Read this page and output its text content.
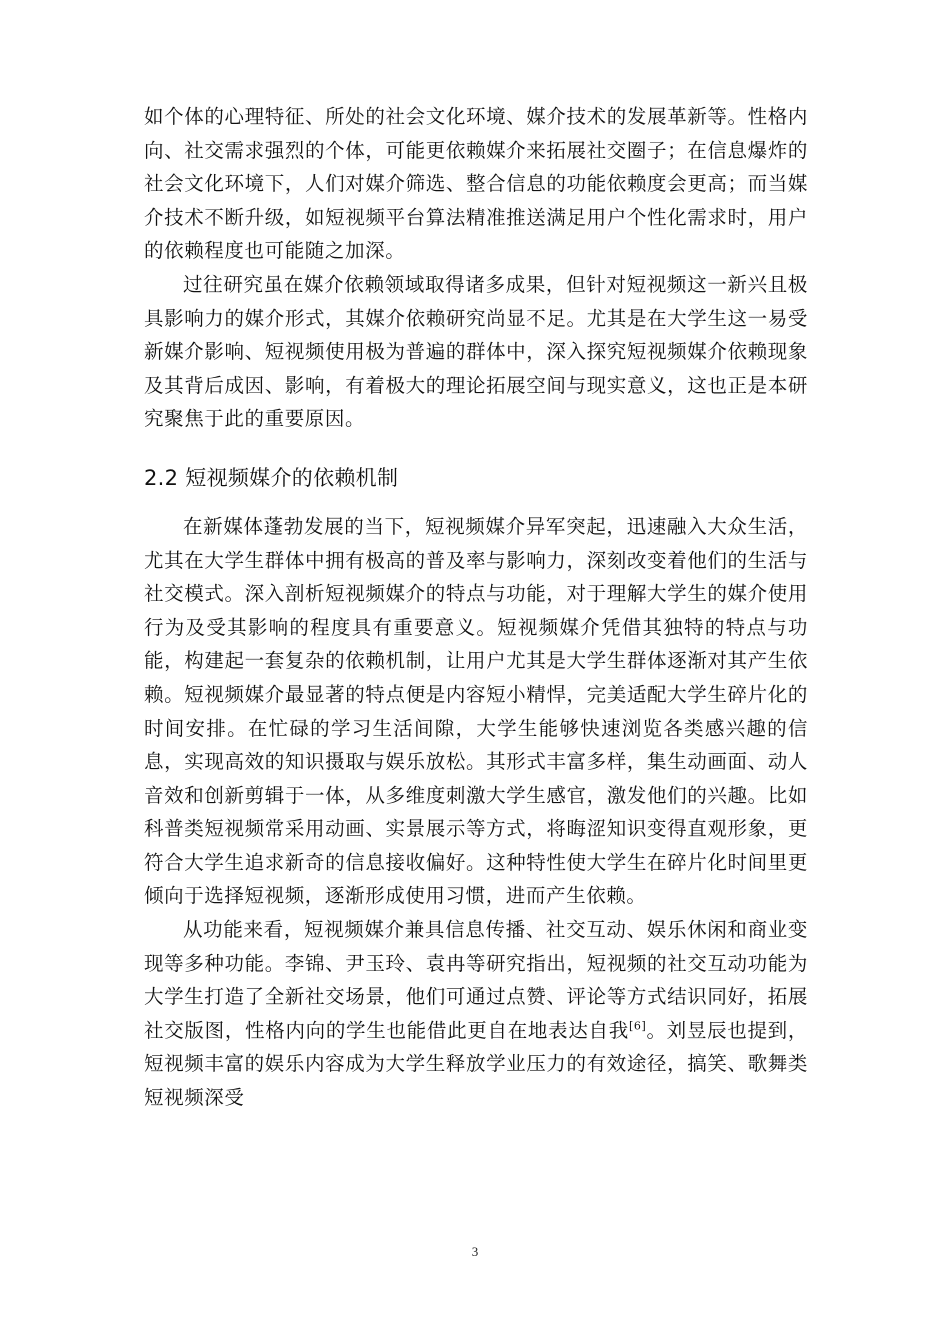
如个体的心理特征、所处的社会文化环境、媒介技术的发展革新等。性格内向、社交需求强烈的个体，可能更依赖媒介来拓展社交圈子；在信息爆炸的社会文化环境下，人们对媒介筛选、整合信息的功能依赖度会更高；而当媒介技术不断升级，如短视频平台算法精准推送满足用户个性化需求时，用户的依赖程度也可能随之加深。

过往研究虽在媒介依赖领域取得诸多成果，但针对短视频这一新兴且极具影响力的媒介形式，其媒介依赖研究尚显不足。尤其是在大学生这一易受新媒介影响、短视频使用极为普遍的群体中，深入探究短视频媒介依赖现象及其背后成因、影响，有着极大的理论拓展空间与现实意义，这也正是本研究聚焦于此的重要原因。

2.2 短视频媒介的依赖机制

在新媒体蓬勃发展的当下，短视频媒介异军突起，迅速融入大众生活，尤其在大学生群体中拥有极高的普及率与影响力，深刻改变着他们的生活与社交模式。深入剖析短视频媒介的特点与功能，对于理解大学生的媒介使用行为及受其影响的程度具有重要意义。短视频媒介凭借其独特的特点与功能，构建起一套复杂的依赖机制，让用户尤其是大学生群体逐渐对其产生依赖。短视频媒介最显著的特点便是内容短小精悍，完美适配大学生碎片化的时间安排。在忙碌的学习生活间隙，大学生能够快速浏览各类感兴趣的信息，实现高效的知识摄取与娱乐放松。其形式丰富多样，集生动画面、动人音效和创新剪辑于一体，从多维度刺激大学生感官，激发他们的兴趣。比如科普类短视频常采用动画、实景展示等方式，将晦涩知识变得直观形象，更符合大学生追求新奇的信息接收偏好。这种特性使大学生在碎片化时间里更倾向于选择短视频，逐渐形成使用习惯，进而产生依赖。

从功能来看，短视频媒介兼具信息传播、社交互动、娱乐休闲和商业变现等多种功能。李锦、尹玉玲、袁冉等研究指出，短视频的社交互动功能为大学生打造了全新社交场景，他们可通过点赞、评论等方式结识同好，拓展社交版图，性格内向的学生也能借此更自在地表达自我[6]。刘昱辰也提到，短视频丰富的娱乐内容成为大学生释放学业压力的有效途径，搞笑、歌舞类短视频深受

3
